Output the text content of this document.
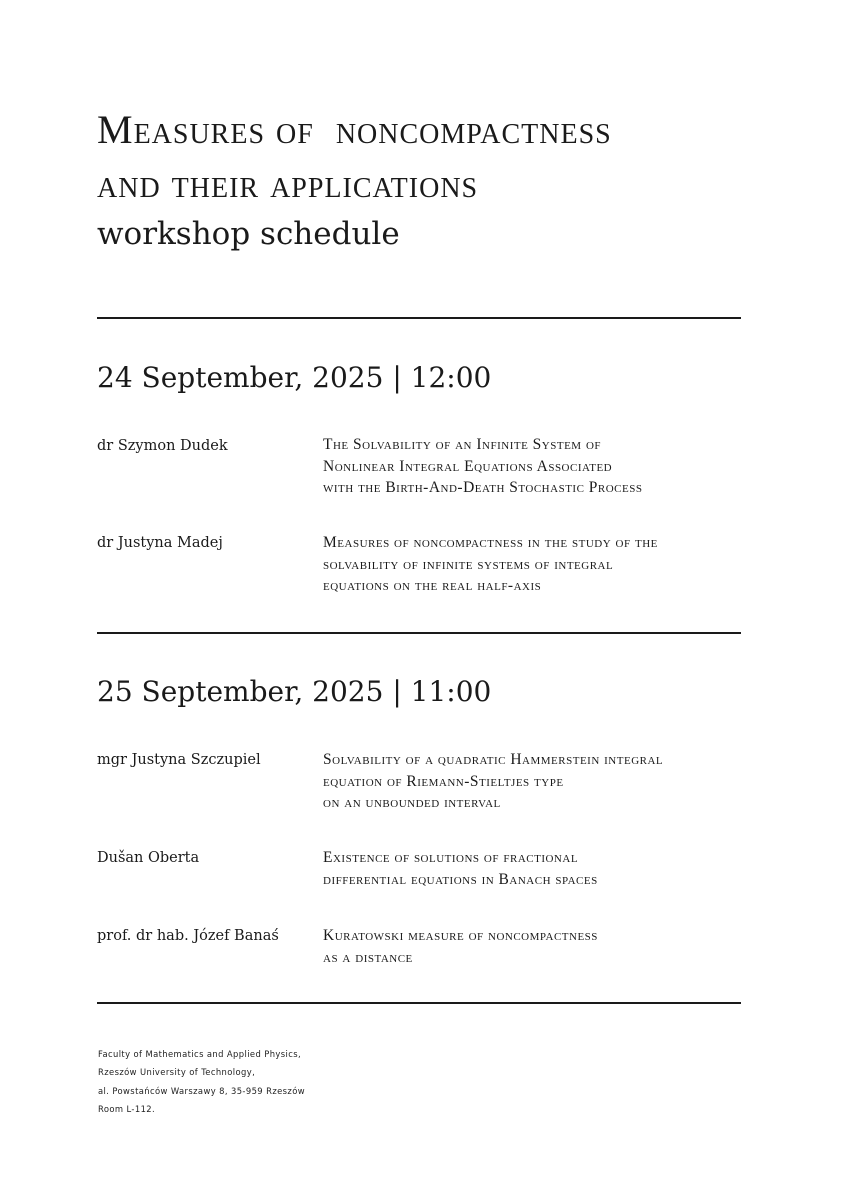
Measures of  noncompactness
and their applications
workshop schedule
24 September, 2025 | 12:00
dr Szymon Dudek	The Solvability of an Infinite System of
Nonlinear Integral Equations Associated
with the Birth-And-Death Stochastic Process
dr Justyna Madej	Measures of noncompactness in the study of the
solvability of infinite systems of integral
equations on the real half-axis
25 September, 2025 | 11:00
mgr Justyna Szczupiel	Solvability of a quadratic Hammerstein integral
equation of Riemann-Stieltjes type
on an unbounded interval
Dušan Oberta	Existence of solutions of fractional
differential equations in Banach spaces
prof. dr hab. Józef Banaś	Kuratowski measure of noncompactness
as a distance
Faculty of Mathematics and Applied Physics,
Rzeszów University of Technology,
al. Powstańców Warszawy 8, 35-959 Rzeszów
Room L-112.
